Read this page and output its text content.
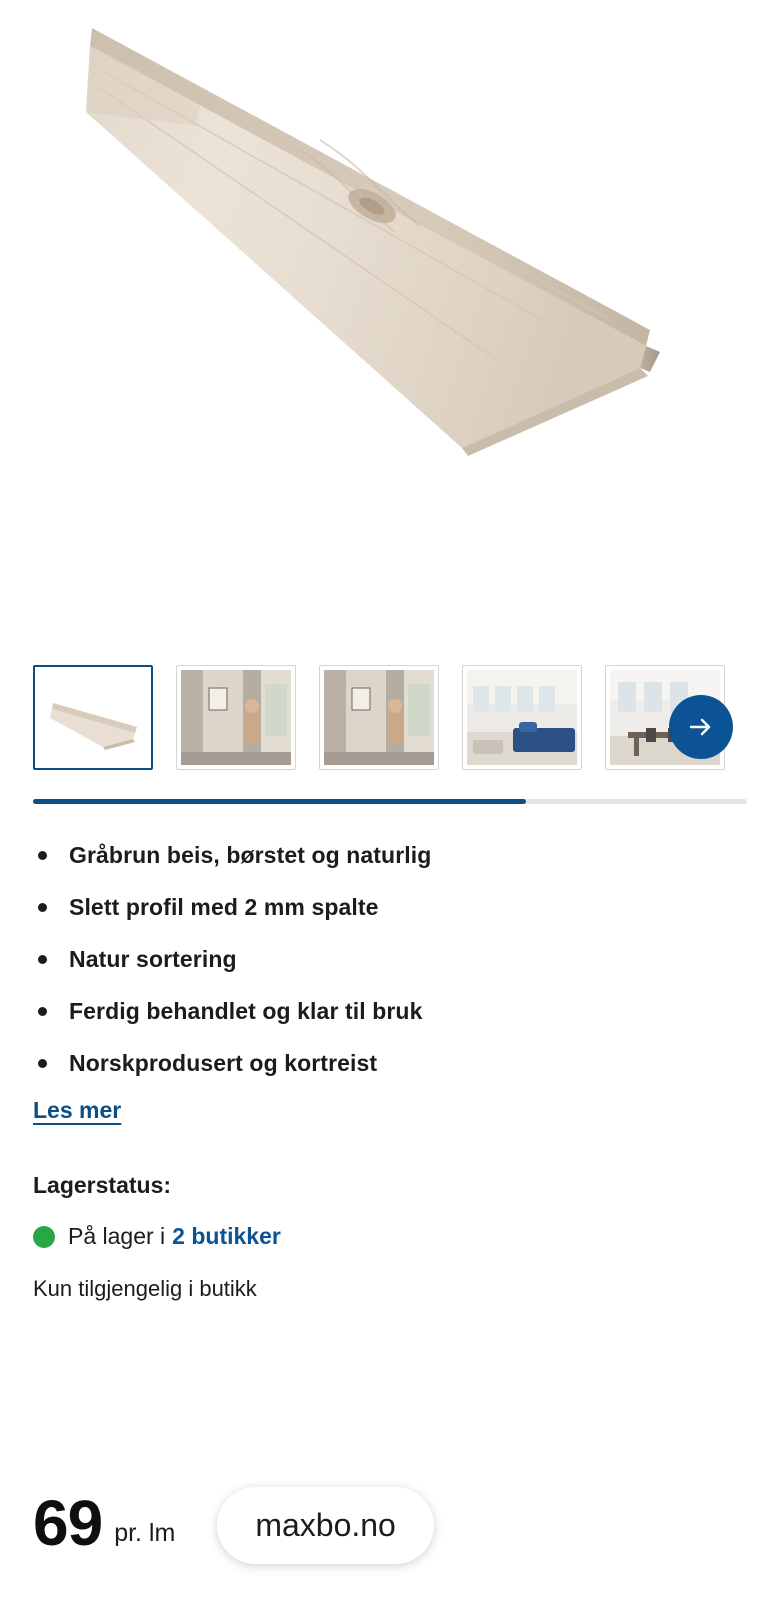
Gråbrun beis, børstet og naturlig
Slett profil med 2 mm spalte
Natur sortering
Ferdig behandlet og klar til bruk
Norskprodusert og kortreist
Les mer
Lagerstatus:
På lager i 2 butikker
Kun tilgjengelig i butikk
69 pr. lm	maxbo.no
